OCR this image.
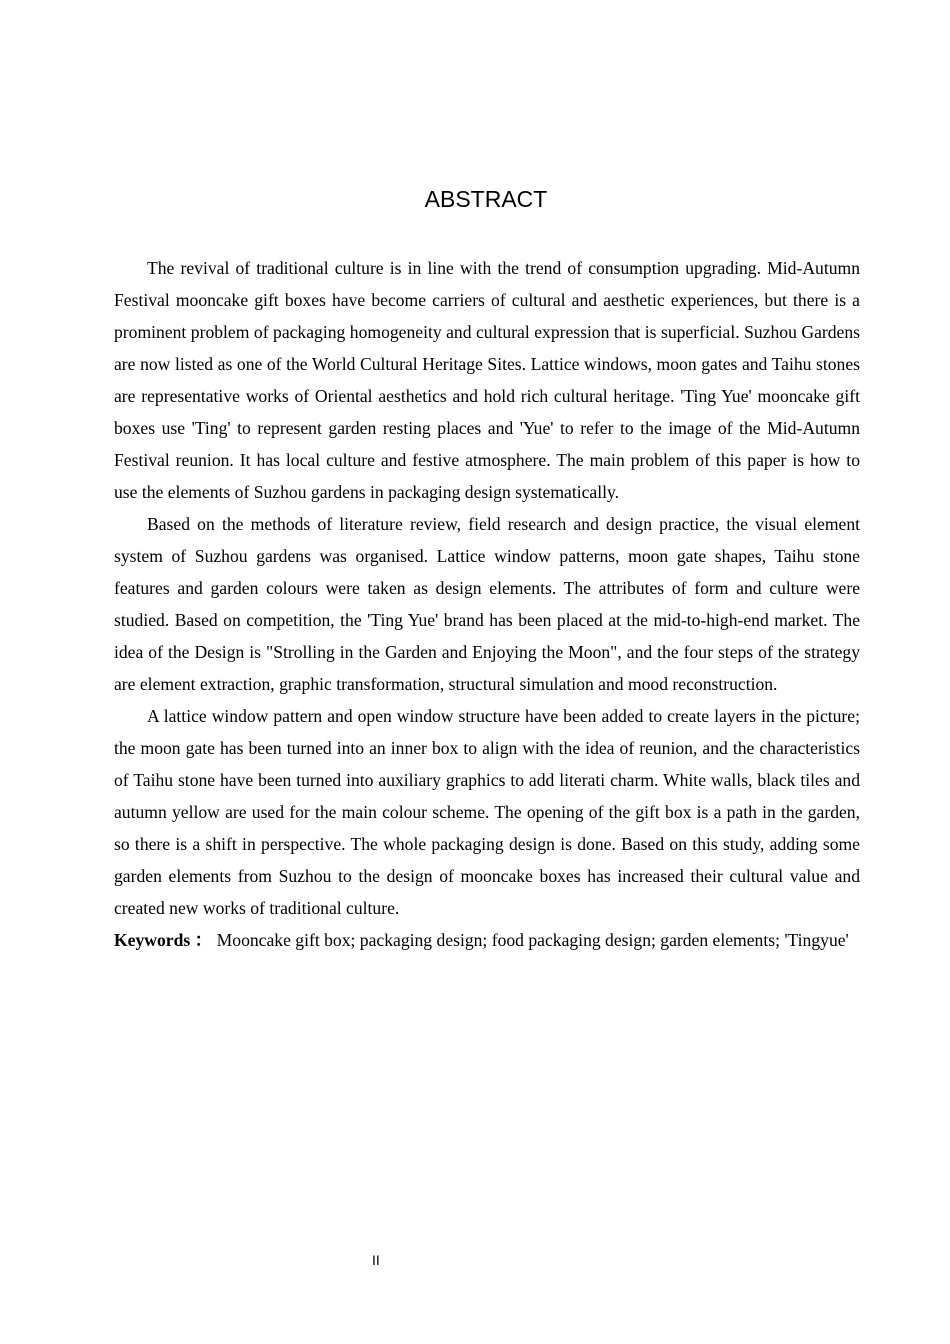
ABSTRACT

The revival of traditional culture is in line with the trend of consumption upgrading. Mid-Autumn Festival mooncake gift boxes have become carriers of cultural and aesthetic experiences, but there is a prominent problem of packaging homogeneity and cultural expression that is superficial. Suzhou Gardens are now listed as one of the World Cultural Heritage Sites. Lattice windows, moon gates and Taihu stones are representative works of Oriental aesthetics and hold rich cultural heritage. 'Ting Yue' mooncake gift boxes use 'Ting' to represent garden resting places and 'Yue' to refer to the image of the Mid-Autumn Festival reunion. It has local culture and festive atmosphere. The main problem of this paper is how to use the elements of Suzhou gardens in packaging design systematically.

Based on the methods of literature review, field research and design practice, the visual element system of Suzhou gardens was organised. Lattice window patterns, moon gate shapes, Taihu stone features and garden colours were taken as design elements. The attributes of form and culture were studied. Based on competition, the 'Ting Yue' brand has been placed at the mid-to-high-end market. The idea of the Design is "Strolling in the Garden and Enjoying the Moon", and the four steps of the strategy are element extraction, graphic transformation, structural simulation and mood reconstruction.

A lattice window pattern and open window structure have been added to create layers in the picture; the moon gate has been turned into an inner box to align with the idea of reunion, and the characteristics of Taihu stone have been turned into auxiliary graphics to add literati charm. White walls, black tiles and autumn yellow are used for the main colour scheme. The opening of the gift box is a path in the garden, so there is a shift in perspective. The whole packaging design is done. Based on this study, adding some garden elements from Suzhou to the design of mooncake boxes has increased their cultural value and created new works of traditional culture.

Keywords ： Mooncake gift box; packaging design; food packaging design; garden elements; 'Tingyue'

II
